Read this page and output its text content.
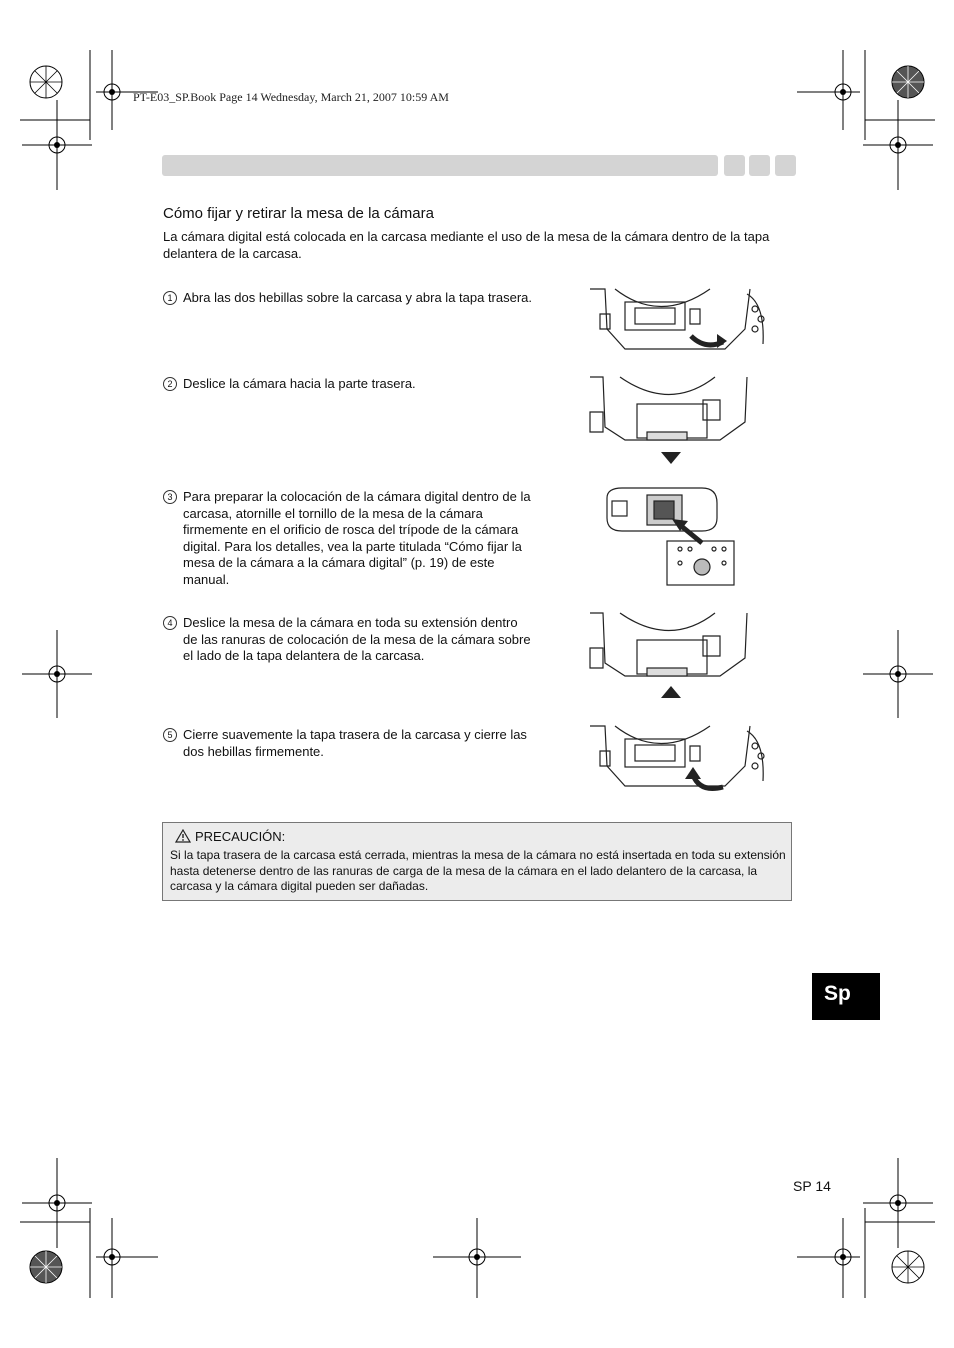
PT-E03_SP.Book Page 14 Wednesday, March 21, 2007 10:59 AM
Cómo fijar y retirar la mesa de la cámara
La cámara digital está colocada en la carcasa mediante el uso de la mesa de la cámara dentro de la tapa delantera de la carcasa.
1 Abra las dos hebillas sobre la carcasa y abra la tapa trasera.
2 Deslice la cámara hacia la parte trasera.
3 Para preparar la colocación de la cámara digital dentro de la carcasa, atornille el tornillo de la mesa de la cámara firmemente en el orificio de rosca del trípode de la cámara digital. Para los detalles, vea la parte titulada “Cómo fijar la mesa de la cámara a la cámara digital” (p. 19) de este manual.
4 Deslice la mesa de la cámara en toda su extensión dentro de las ranuras de colocación de la mesa de la cámara sobre el lado de la tapa delantera de la carcasa.
5 Cierre suavemente la tapa trasera de la carcasa y cierre las dos hebillas firmemente.
PRECAUCIÓN:
Si la tapa trasera de la carcasa está cerrada, mientras la mesa de la cámara no está insertada en toda su extensión hasta detenerse dentro de las ranuras de carga de la mesa de la cámara en el lado delantero de la carcasa, la carcasa y la cámara digital pueden ser dañadas.
Sp
SP 14
